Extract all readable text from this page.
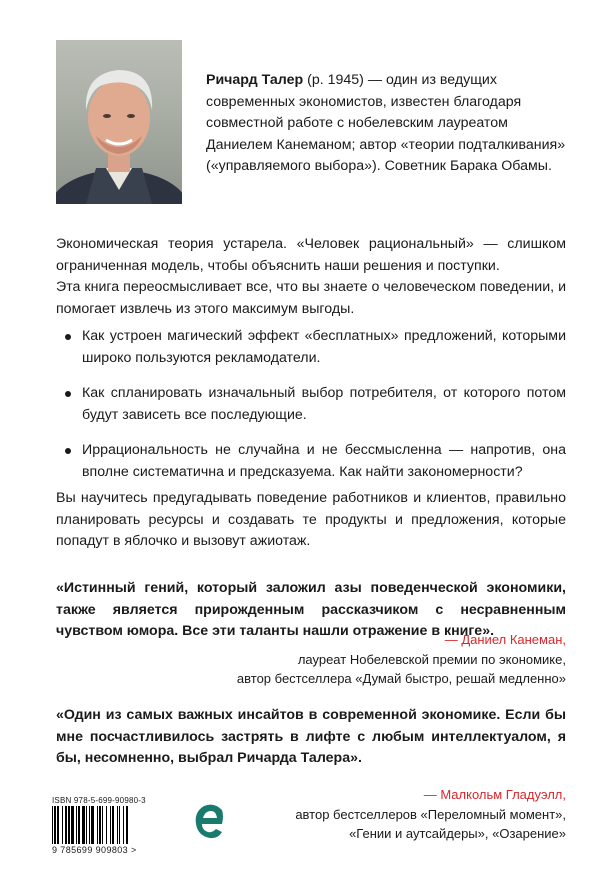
Ричард Талер (р. 1945) — один из ведущих современных экономистов, известен благодаря совместной работе с нобелевским лауреатом Даниелем Канеманом; автор «теории подталкивания» («управляемого выбора»). Советник Барака Обамы.

Экономическая теория устарела. «Человек рациональный» — слишком ограниченная модель, чтобы объяснить наши решения и поступки.

Эта книга переосмысливает все, что вы знаете о человеческом поведении, и помогает извлечь из этого максимум выгоды.

Как устроен магический эффект «бесплатных» предложений, которыми широко пользуются рекламодатели.
Как спланировать изначальный выбор потребителя, от которого потом будут зависеть все последующие.
Иррациональность не случайна и не бессмысленна — напротив, она вполне систематична и предсказуема. Как найти закономерности?

Вы научитесь предугадывать поведение работников и клиентов, правильно планировать ресурсы и создавать те продукты и предложения, которые попадут в яблочко и вызовут ажиотаж.

«Истинный гений, который заложил азы поведенческой экономики, также является прирожденным рассказчиком с несравненным чувством юмора. Все эти таланты нашли отражение в книге».

— Даниел Канеман,
лауреат Нобелевской премии по экономике,
автор бестселлера «Думай быстро, решай медленно»

«Один из самых важных инсайтов в современной экономике. Если бы мне посчастливилось застрять в лифте с любым интеллектуалом, я бы, несомненно, выбрал Ричарда Талера».

— Малкольм Гладуэлл,
автор бестселлеров «Переломный момент»,
«Гении и аутсайдеры», «Озарение»
ISBN 978-5-699-90980-3
9 785699 909803 >
